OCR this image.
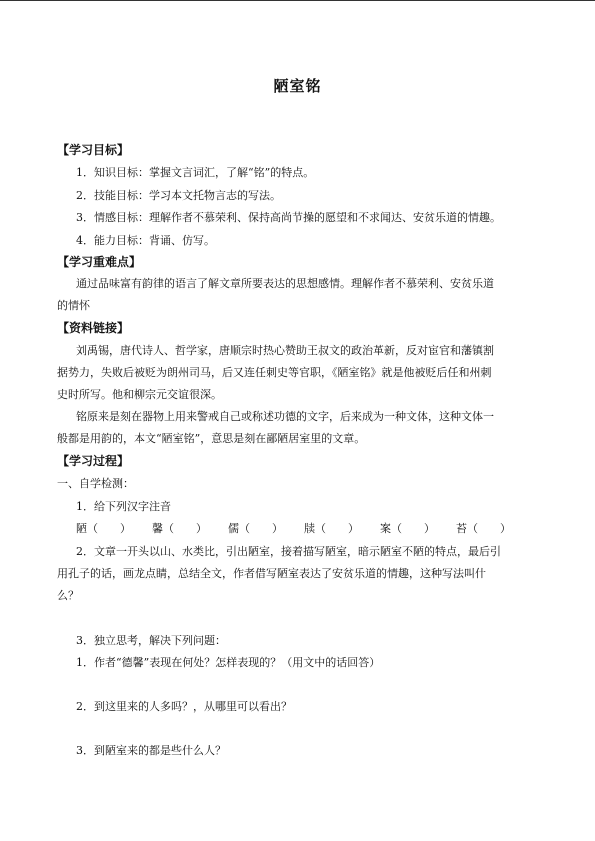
陋室铭
【学习目标】
1．知识目标：掌握文言词汇，了解“铭”的特点。
2．技能目标：学习本文托物言志的写法。
3．情感目标：理解作者不慕荣利、保持高尚节操的愿望和不求闻达、安贫乐道的情趣。
4．能力目标：背诵、仿写。
【学习重难点】
通过品味富有韵律的语言了解文章所要表达的思想感情。理解作者不慕荣利、安贫乐道
的情怀
【资料链接】
刘禹锡，唐代诗人、哲学家，唐顺宗时热心赞助王叔文的政治革新，反对宦官和藩镇割
据势力，失败后被贬为朗州司马，后又连任刺史等官职，《陋室铭》就是他被贬后任和州刺
史时所写。他和柳宗元交谊很深。
铭原来是刻在器物上用来警戒自己或称述功德的文字，后来成为一种文体，这种文体一
般都是用韵的，本文“陋室铭”，意思是刻在鄙陋居室里的文章。
【学习过程】
一、自学检测：
1．给下列汉字注音
陋（　　） 馨（　　） 儒（　　） 牍（　　） 案（　　） 苔（　　）
2．文章一开头以山、水类比，引出陋室，接着描写陋室，暗示陋室不陋的特点，最后引
用孔子的话，画龙点睛，总结全文，作者借写陋室表达了安贫乐道的情趣，这种写法叫什
么？
3．独立思考，解决下列问题：
1．作者“德馨”表现在何处？怎样表现的？（用文中的话回答）
2．到这里来的人多吗？，从哪里可以看出？
3．到陋室来的都是些什么人？
